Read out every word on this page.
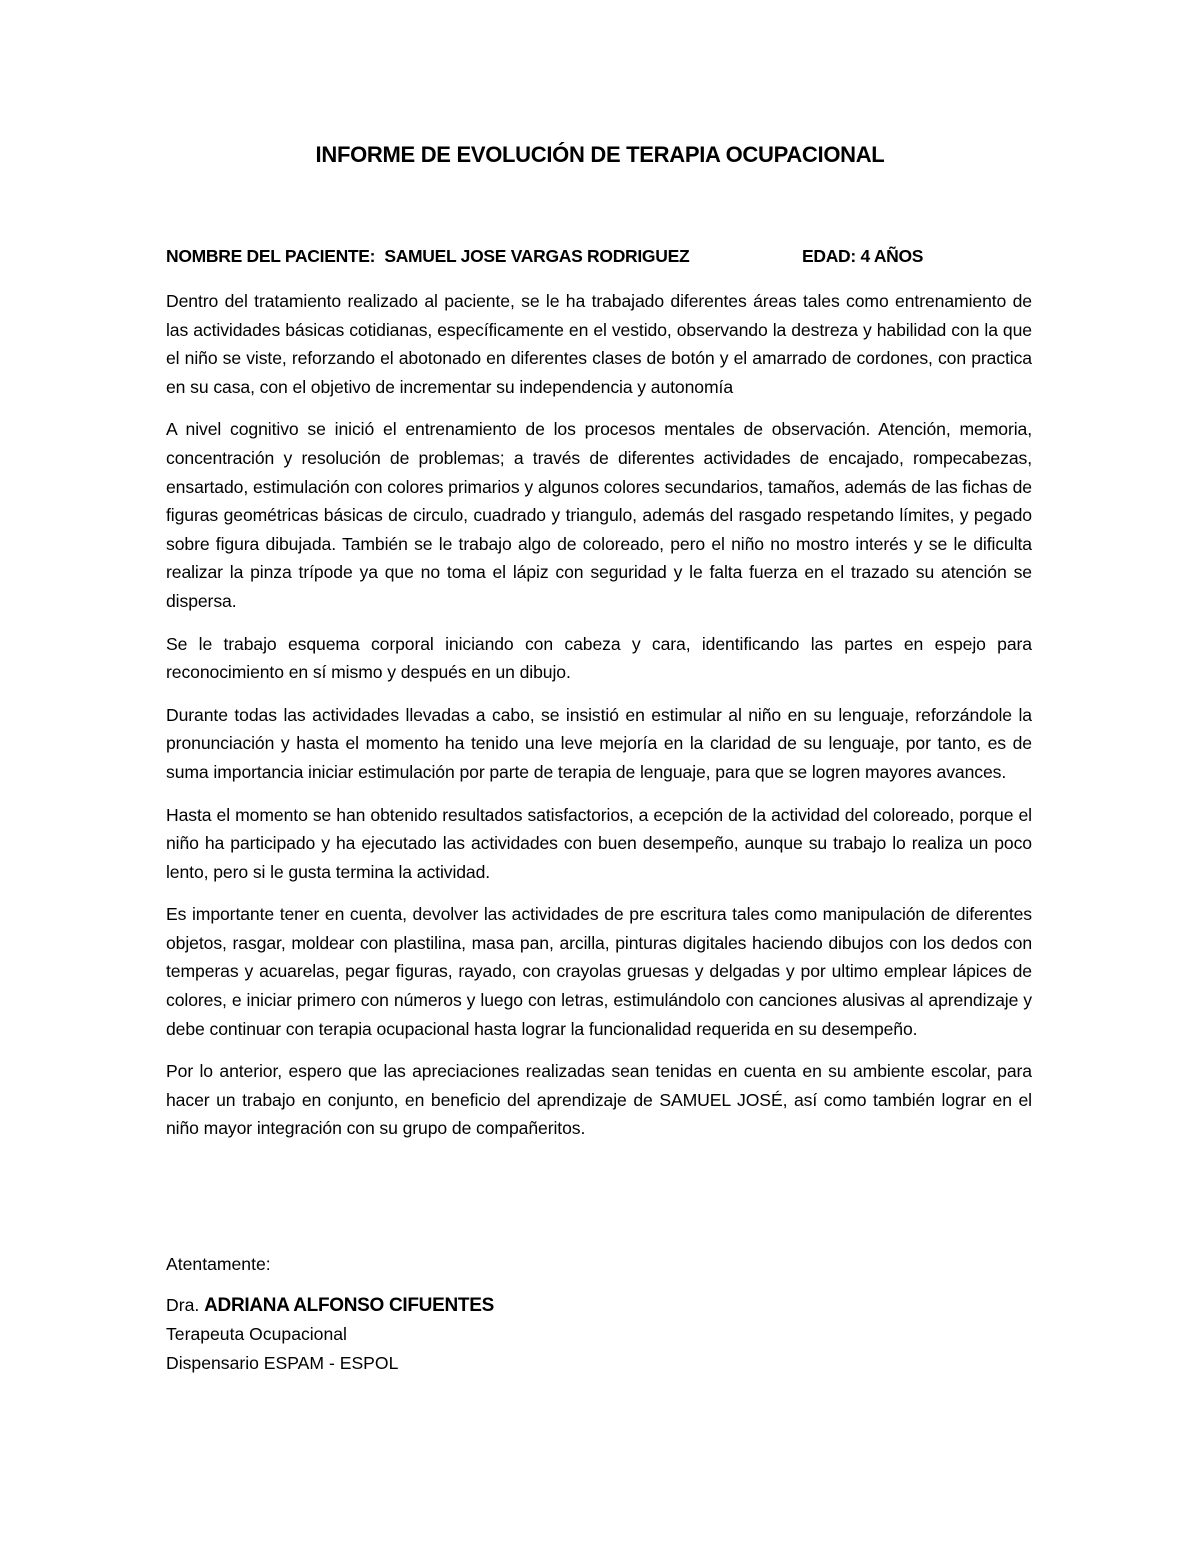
INFORME DE EVOLUCIÓN DE TERAPIA OCUPACIONAL
NOMBRE DEL PACIENTE:  SAMUEL JOSE VARGAS RODRIGUEZ	EDAD: 4 AÑOS

Dentro del tratamiento realizado al paciente, se le ha trabajado diferentes áreas tales como entrenamiento de las actividades básicas cotidianas, específicamente en el vestido, observando la destreza y habilidad con la que el niño se viste, reforzando el abotonado en diferentes clases de botón y el amarrado de cordones, con practica en su casa, con el objetivo de incrementar su independencia y autonomía

A nivel cognitivo se inició el entrenamiento de los procesos mentales de observación. Atención, memoria, concentración y resolución de problemas; a través de diferentes actividades de encajado, rompecabezas, ensartado, estimulación con colores primarios y algunos colores secundarios, tamaños, además de las fichas de figuras geométricas básicas de circulo, cuadrado y triangulo, además del rasgado respetando límites, y pegado sobre figura dibujada. También se le trabajo algo de coloreado, pero el niño no mostro interés y se le dificulta realizar la pinza trípode ya que no toma el lápiz con seguridad y le falta fuerza en el trazado su atención se dispersa.

Se le trabajo esquema corporal iniciando con cabeza y cara, identificando las partes en espejo para reconocimiento en sí mismo y después en un dibujo.

Durante todas las actividades llevadas a cabo, se insistió en estimular al niño en su lenguaje, reforzándole la pronunciación y hasta el momento ha tenido una leve mejoría en la claridad de su lenguaje, por tanto, es de suma importancia iniciar estimulación por parte de terapia de lenguaje, para que se logren mayores avances.

Hasta el momento se han obtenido resultados satisfactorios, a ecepción de la actividad del coloreado, porque el niño ha participado y ha ejecutado las actividades con buen desempeño, aunque su trabajo lo realiza un poco lento, pero si le gusta termina la actividad.

Es importante tener en cuenta, devolver las actividades de pre escritura tales como manipulación de diferentes objetos, rasgar, moldear con plastilina, masa pan, arcilla, pinturas digitales haciendo dibujos con los dedos con temperas y acuarelas, pegar figuras, rayado, con crayolas gruesas y delgadas y por ultimo emplear lápices de colores, e iniciar primero con números y luego con letras, estimulándolo con canciones alusivas al aprendizaje y debe continuar con terapia ocupacional hasta lograr la funcionalidad requerida en su desempeño.

Por lo anterior, espero que las apreciaciones realizadas sean tenidas en cuenta en su ambiente escolar, para hacer un trabajo en conjunto, en beneficio del aprendizaje de SAMUEL JOSÉ, así como también lograr en el niño mayor integración con su grupo de compañeritos.

Atentamente:
Dra. ADRIANA ALFONSO CIFUENTES
Terapeuta Ocupacional
Dispensario ESPAM - ESPOL
